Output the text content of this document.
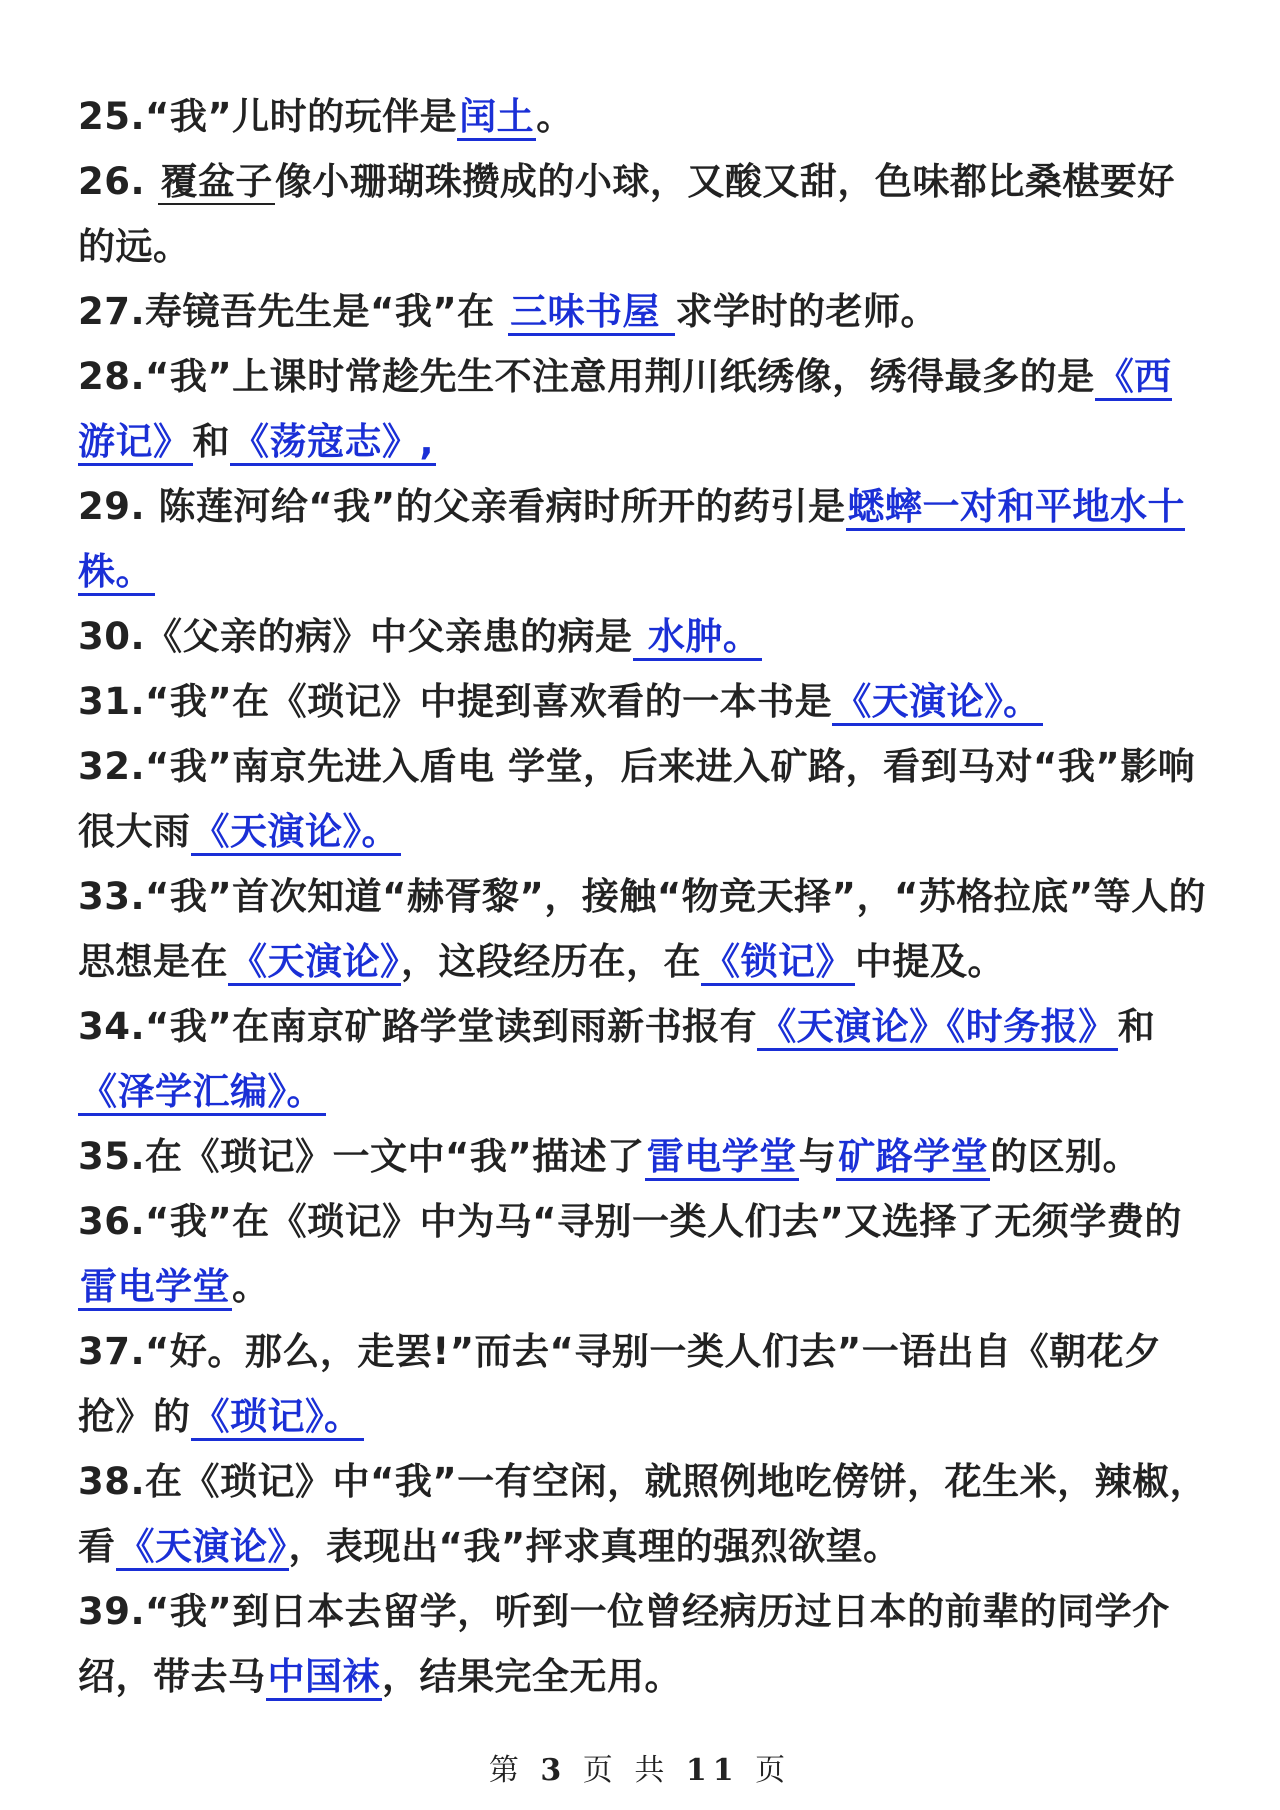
25.“我”儿时的玩伴是闰土。

26. 覆盆子像小珊瑚珠攒成的小球，又酸又甜，色味都比桑椹要好的远。

27.寿镜吾先生是“我”在 三味书屋 求学时的老师。

28.“我”上课时常趁先生不注意用荆川纸绣像，绣得最多的是《西游记》和《荡寇志》,

29. 陈莲河给“我”的父亲看病时所开的药引是蟋蟀一对和平地水十株。

30.《父亲的病》中父亲患的病是 水肿。

31.“我”在《琐记》中提到喜欢看的一本书是《天演论》。

32.“我”南京先进入盾电 学堂，后来进入矿路，看到马对“我”影响很大雨《天演论》。

33.“我”首次知道“赫胥黎”，接触“物竞天择”，“苏格拉底”等人的思想是在《天演论》，这段经历在，在《锁记》中提及。

34.“我”在南京矿路学堂读到雨新书报有《天演论》《时务报》和《泽学汇编》。

35.在《琐记》一文中“我”描述了雷电学堂与矿路学堂的区别。

36.“我”在《琐记》中为马“寻别一类人们去”又选择了无须学费的雷电学堂。

37.“好。那么，走罢!”而去“寻别一类人们去”一语出自《朝花夕抢》的《琐记》。

38.在《琐记》中“我”一有空闲，就照例地吃傍饼，花生米，辣椒，看《天演论》，表现出“我”抨求真理的强烈欲望。

39.“我”到日本去留学，听到一位曾经病历过日本的前辈的同学介绍，带去马中国袜，结果完全无用。

第 3 页 共 11 页
